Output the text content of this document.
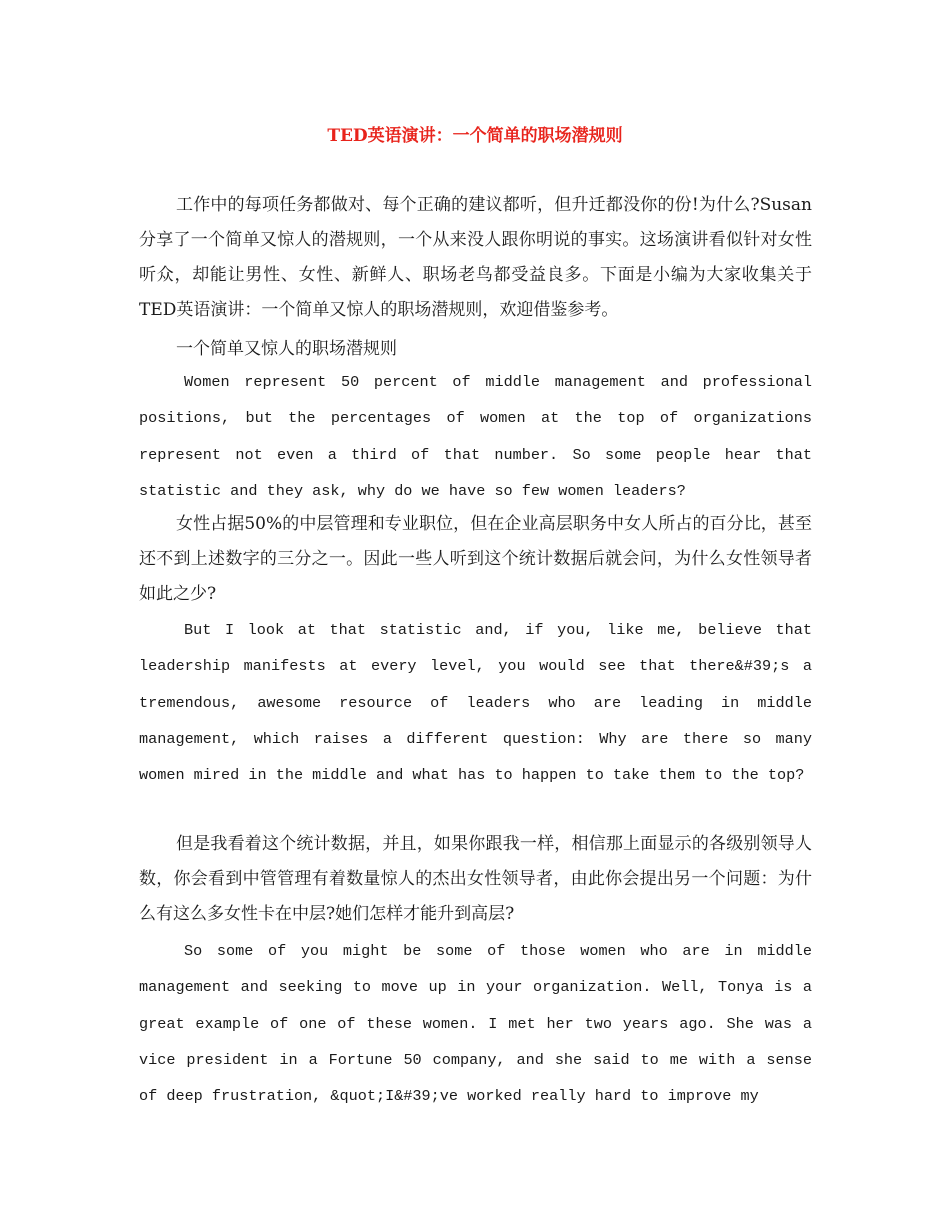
TED英语演讲：一个简单的职场潜规则

工作中的每项任务都做对、每个正确的建议都听，但升迁都没你的份!为什么?Susan分享了一个简单又惊人的潜规则，一个从来没人跟你明说的事实。这场演讲看似针对女性听众，却能让男性、女性、新鲜人、职场老鸟都受益良多。下面是小编为大家收集关于TED英语演讲：一个简单又惊人的职场潜规则，欢迎借鉴参考。

一个简单又惊人的职场潜规则

Women represent 50 percent of middle management and professional positions, but the percentages of women at the top of organizations represent not even a third of that number. So some people hear that statistic and they ask, why do we have so few women leaders?

女性占据50%的中层管理和专业职位，但在企业高层职务中女人所占的百分比，甚至还不到上述数字的三分之一。因此一些人听到这个统计数据后就会问，为什么女性领导者如此之少?

But I look at that statistic and, if you, like me, believe that leadership manifests at every level, you would see that there&#39;s a tremendous, awesome resource of leaders who are leading in middle management, which raises a different question: Why are there so many women mired in the middle and what has to happen to take them to the top?

但是我看着这个统计数据，并且，如果你跟我一样，相信那上面显示的各级别领导人数，你会看到中管管理有着数量惊人的杰出女性领导者，由此你会提出另一个问题：为什么有这么多女性卡在中层?她们怎样才能升到高层?

So some of you might be some of those women who are in middle management and seeking to move up in your organization. Well, Tonya is a great example of one of these women. I met her two years ago. She was a vice president in a Fortune 50 company, and she said to me with a sense of deep frustration, &quot;I&#39;ve worked really hard to improve my
